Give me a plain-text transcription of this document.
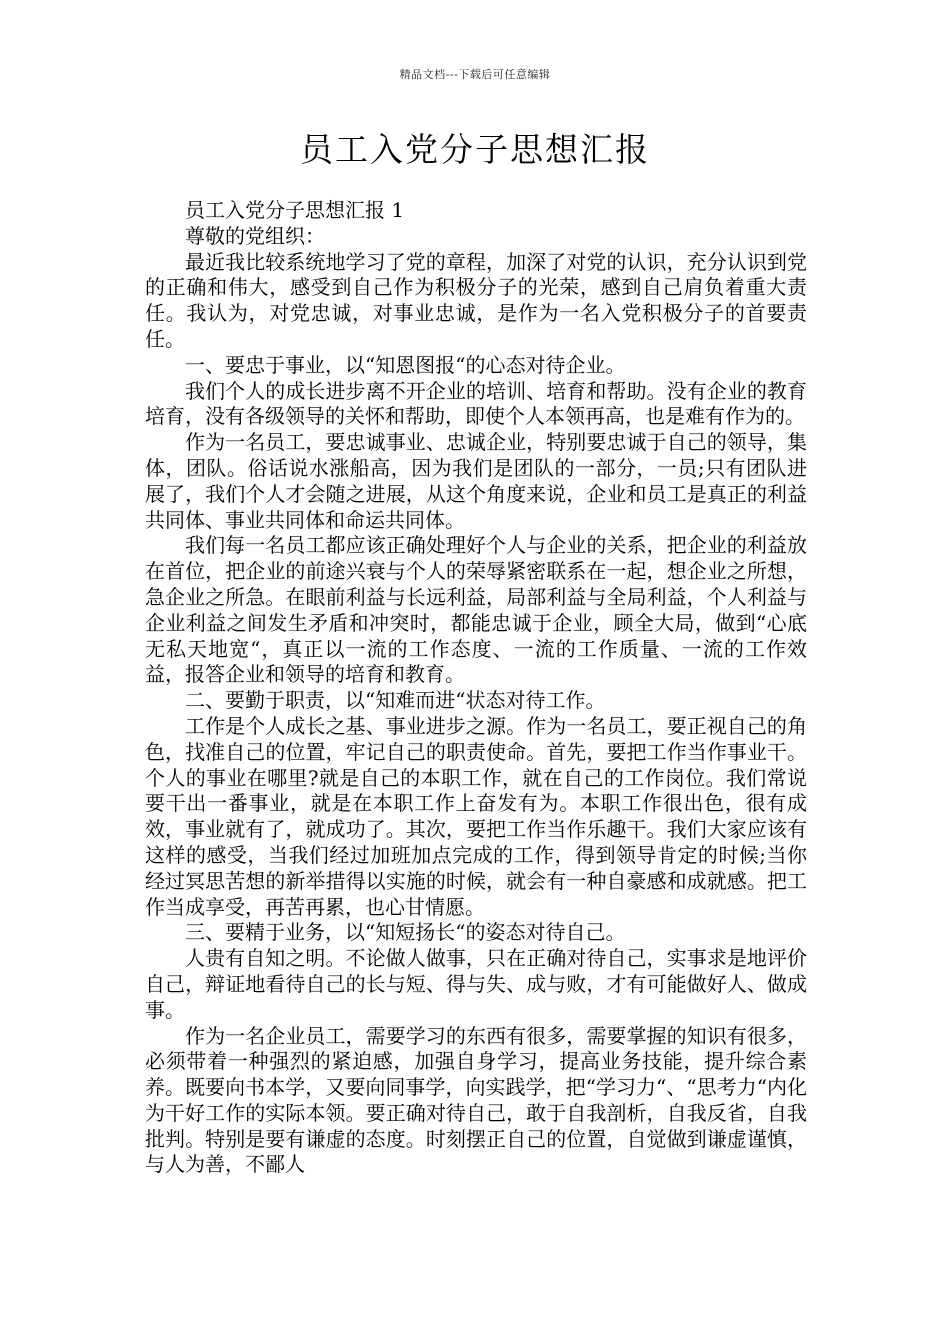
精品文档---下载后可任意编辑
员工入党分子思想汇报

员工入党分子思想汇报 1

尊敬的党组织：

最近我比较系统地学习了党的章程，加深了对党的认识，充分认识到党的正确和伟大，感受到自己作为积极分子的光荣，感到自己肩负着重大责任。我认为，对党忠诚，对事业忠诚，是作为一名入党积极分子的首要责任。

一、要忠于事业，以“知恩图报“的心态对待企业。

我们个人的成长进步离不开企业的培训、培育和帮助。没有企业的教育培育，没有各级领导的关怀和帮助，即使个人本领再高，也是难有作为的。

作为一名员工，要忠诚事业、忠诚企业，特别要忠诚于自己的领导，集体，团队。俗话说水涨船高，因为我们是团队的一部分，一员;只有团队进展了，我们个人才会随之进展，从这个角度来说，企业和员工是真正的利益共同体、事业共同体和命运共同体。

我们每一名员工都应该正确处理好个人与企业的关系，把企业的利益放在首位，把企业的前途兴衰与个人的荣辱紧密联系在一起，想企业之所想，急企业之所急。在眼前利益与长远利益，局部利益与全局利益，个人利益与企业利益之间发生矛盾和冲突时，都能忠诚于企业，顾全大局，做到“心底无私天地宽“，真正以一流的工作态度、一流的工作质量、一流的工作效益，报答企业和领导的培育和教育。

二、要勤于职责，以“知难而进“状态对待工作。

工作是个人成长之基、事业进步之源。作为一名员工，要正视自己的角色，找准自己的位置，牢记自己的职责使命。首先，要把工作当作事业干。个人的事业在哪里?就是自己的本职工作，就在自己的工作岗位。我们常说要干出一番事业，就是在本职工作上奋发有为。本职工作很出色，很有成效，事业就有了，就成功了。其次，要把工作当作乐趣干。我们大家应该有这样的感受，当我们经过加班加点完成的工作，得到领导肯定的时候;当你经过冥思苦想的新举措得以实施的时候，就会有一种自豪感和成就感。把工作当成享受，再苦再累，也心甘情愿。

三、要精于业务，以“知短扬长“的姿态对待自己。

人贵有自知之明。不论做人做事，只在正确对待自己，实事求是地评价自己，辩证地看待自己的长与短、得与失、成与败，才有可能做好人、做成事。

作为一名企业员工，需要学习的东西有很多，需要掌握的知识有很多，必须带着一种强烈的紧迫感，加强自身学习，提高业务技能，提升综合素养。既要向书本学，又要向同事学，向实践学，把“学习力“、“思考力“内化为干好工作的实际本领。要正确对待自己，敢于自我剖析，自我反省，自我批判。特别是要有谦虚的态度。时刻摆正自己的位置，自觉做到谦虚谨慎，与人为善，不鄙人
